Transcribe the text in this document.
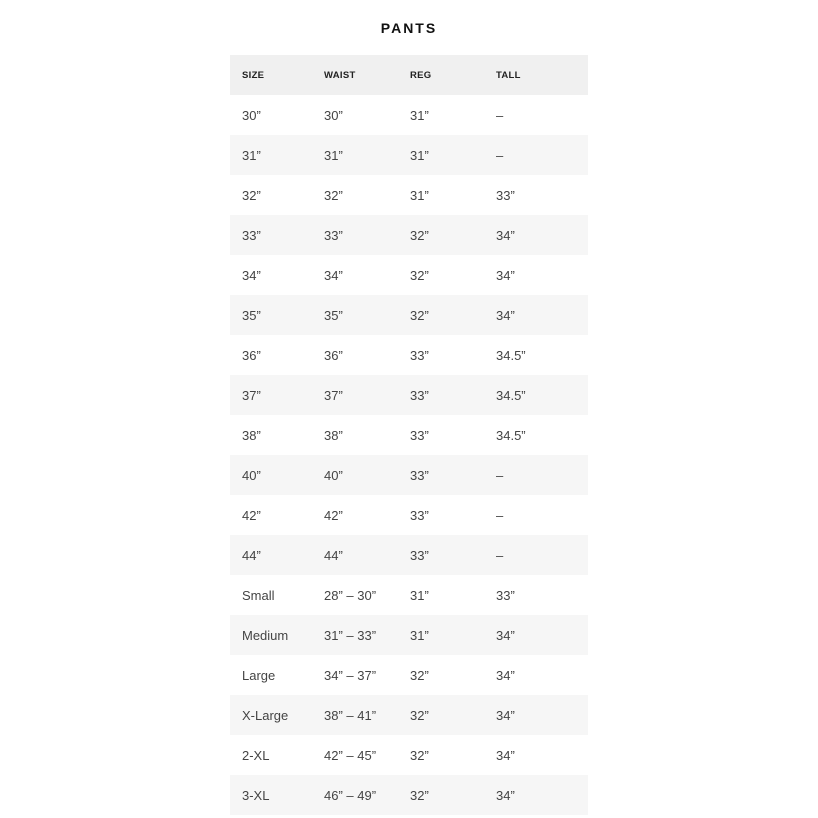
PANTS
SIZE	WAIST	REG	TALL
30”	30”	31”	–
31”	31”	31”	–
32”	32”	31”	33”
33”	33”	32”	34”
34”	34”	32”	34”
35”	35”	32”	34”
36”	36”	33”	34.5”
37”	37”	33”	34.5”
38”	38”	33”	34.5”
40”	40”	33”	–
42”	42”	33”	–
44”	44”	33”	–
Small	28” – 30”	31”	33”
Medium	31” – 33”	31”	34”
Large	34” – 37”	32”	34”
X-Large	38” – 41”	32”	34”
2-XL	42” – 45”	32”	34”
3-XL	46” – 49”	32”	34”
